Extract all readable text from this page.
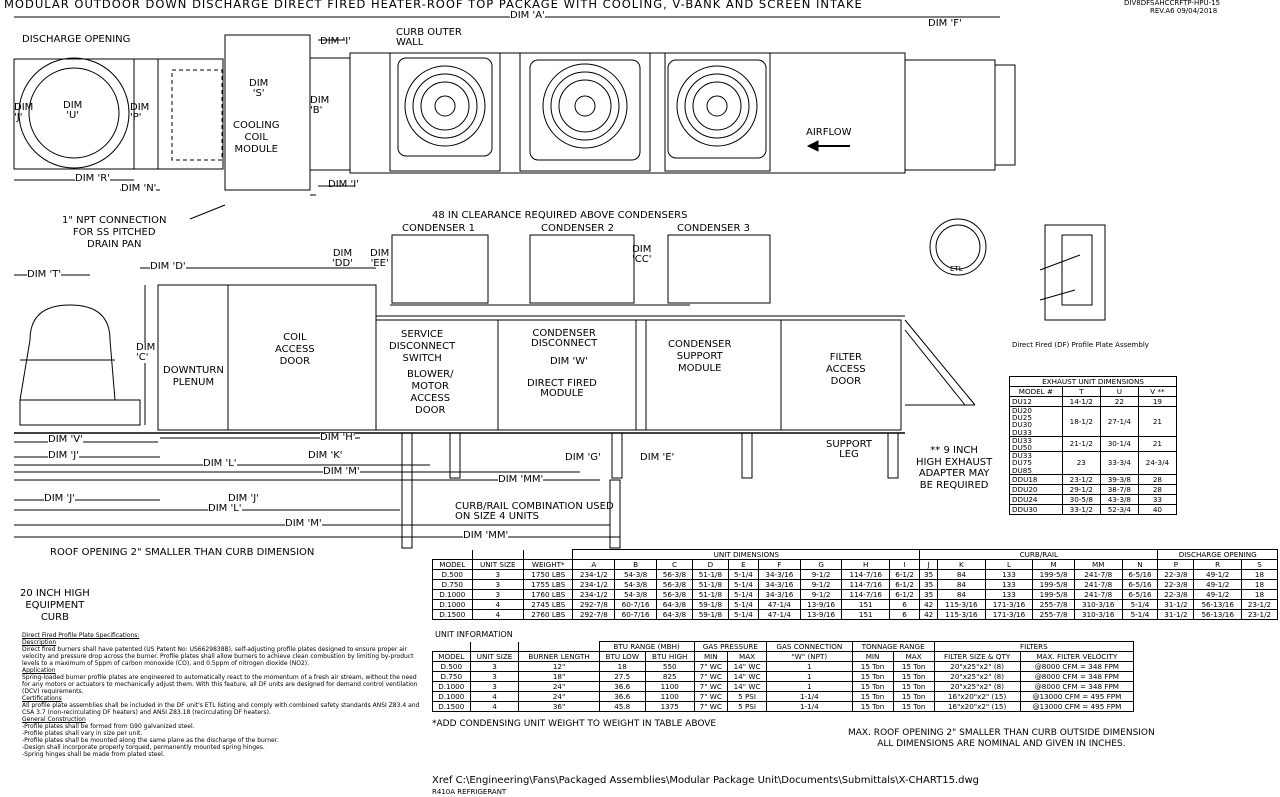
MODULAR OUTDOOR DOWN DISCHARGE DIRECT FIRED HEATER-ROOF TOP PACKAGE WITH COOLING, V-BANK AND SCREEN INTAKE	DIV8DFSAHCCRFTP-HPU-15
REV.A6 09/04/2018
DIM 'A'
DIM 'F'
DISCHARGE OPENING
DIM
'S'
DIM 'I'
CURB OUTER
WALL
DIM
'U'
DIM
'J'
DIM
'P'
DIM
'B'
COOLING
COIL
MODULE
AIRFLOW
DIM 'R'
DIM 'N'	DIM 'I'
1" NPT CONNECTION
FOR SS PITCHED
DRAIN PAN
48 IN CLEARANCE REQUIRED ABOVE CONDENSERS
CONDENSER 1	CONDENSER 2	CONDENSER 3
DIM 'T'
DIM 'D'
DIM
'DD'
DIM
'EE'
DIM
'CC'
DIM
'C'
DOWNTURN
PLENUM
COIL
ACCESS
DOOR
SERVICE
DISCONNECT
SWITCH
BLOWER/
MOTOR
ACCESS
DOOR
CONDENSER
DISCONNECT
DIM 'W'
DIRECT FIRED
MODULE
CONDENSER
SUPPORT
MODULE
FILTER
ACCESS
DOOR
DIM 'V'	DIM 'H'
DIM 'J'	DIM 'K'
DIM 'L'
DIM 'M'
DIM 'MM'
DIM 'G'	DIM 'E'
SUPPORT
LEG	** 9 INCH
HIGH EXHAUST
ADAPTER MAY
BE REQUIRED
DIM 'J'	DIM 'J'
DIM 'L'
DIM 'M'
DIM 'MM'
CURB/RAIL COMBINATION USED
ON SIZE 4 UNITS
ROOF OPENING 2" SMALLER THAN CURB DIMENSION
20 INCH HIGH
EQUIPMENT
CURB
Direct Fired (DF) Profile Plate Assembly
ETL
EXHAUST UNIT DIMENSIONS			
MODEL #	T	U	V **

DU12	14-1/2	22	19

DU20
DU25
DU30
DU33	18-1/2	27-1/4	21

DU33
DU50	21-1/2	30-1/4	21

DU33
DU75
DU85	23	33-3/4	24-3/4

DDU18	23-1/2	39-3/8	28

DDU20	29-1/2	38-7/8	28

DDU24	30-5/8	43-3/8	33

DDU30	33-1/2	52-3/4	40
			UNIT DIMENSIONS									CURB/RAIL						DISCHARGE OPENING		
MODEL	UNIT SIZE	WEIGHT*	A	B	C	D	E	F	G	H	I	J	K	L	M	MM	N	P	R	S
D.500	3	1750 LBS	234-1/2	54-3/8	56-3/8	51-1/8	5-1/4	34-3/16	9-1/2	114-7/16	6-1/2	35	84	133	199-5/8	241-7/8	6-5/16	22-3/8	49-1/2	18
D.750	3	1755 LBS	234-1/2	54-3/8	56-3/8	51-1/8	5-1/4	34-3/16	9-1/2	114-7/16	6-1/2	35	84	133	199-5/8	241-7/8	6-5/16	22-3/8	49-1/2	18
D.1000	3	1760 LBS	234-1/2	54-3/8	56-3/8	51-1/8	5-1/4	34-3/16	9-1/2	114-7/16	6-1/2	35	84	133	199-5/8	241-7/8	6-5/16	22-3/8	49-1/2	18
D.1000	4	2745 LBS	292-7/8	60-7/16	64-3/8	59-1/8	5-1/4	47-1/4	13-9/16	151	6	42	115-3/16	171-3/16	255-7/8	310-3/16	5-1/4	31-1/2	56-13/16	23-1/2
D.1500	4	2760 LBS	292-7/8	60-7/16	64-3/8	59-1/8	5-1/4	47-1/4	13-9/16	151	6	42	115-3/16	171-3/16	255-7/8	310-3/16	5-1/4	31-1/2	56-13/16	23-1/2
UNIT INFORMATION
			BTU RANGE (MBH)		GAS PRESSURE		GAS CONNECTION	TONNAGE RANGE		FILTERS	
MODEL	UNIT SIZE	BURNER LENGTH	BTU LOW	BTU HIGH	MIN	MAX	"W" (NPT)	MIN	MAX	FILTER SIZE & QTY	MAX. FILTER VELOCITY
D.500	3	12"	18	550	7" WC	14" WC	1	15 Ton	15 Ton	20"x25"x2" (8)	@8000 CFM = 348 FPM
D.750	3	18"	27.5	825	7" WC	14" WC	1	15 Ton	15 Ton	20"x25"x2" (8)	@8000 CFM = 348 FPM
D.1000	3	24"	36.6	1100	7" WC	14" WC	1	15 Ton	15 Ton	20"x25"x2" (8)	@8000 CFM = 348 FPM
D.1000	4	24"	36.6	1100	7" WC	5 PSI	1-1/4	15 Ton	15 Ton	16"x20"x2" (15)	@13000 CFM = 495 FPM
D.1500	4	36"	45.8	1375	7" WC	5 PSI	1-1/4	15 Ton	15 Ton	16"x20"x2" (15)	@13000 CFM = 495 FPM
*ADD CONDENSING UNIT WEIGHT TO WEIGHT IN TABLE ABOVE
MAX. ROOF OPENING 2" SMALLER THAN CURB OUTSIDE DIMENSION
ALL DIMENSIONS ARE NOMINAL AND GIVEN IN INCHES.
Xref C:\Engineering\Fans\Packaged Assemblies\Modular Package Unit\Documents\Submittals\X-CHART15.dwg
R410A REFRIGERANT
Direct Fired Profile Plate Specifications:
Description
Direct fired burners shall have patented (US Patent No: US6629838B), self-adjusting profile plates designed to ensure proper air velocity and pressure drop across the burner. Profile plates shall allow burners to achieve clean combustion by limiting by-product levels to a maximum of 5ppm of carbon monoxide (CO), and 0.5ppm of nitrogen dioxide (NO2).
Application
Spring-loaded burner profile plates are engineered to automatically react to the momentum of a fresh air stream, without the need for any motors or actuators to mechanically adjust them. With this feature, all DF units are designed for demand control ventilation (DCV) requirements.
Certifications
All profile plate assemblies shall be included in the DF unit's ETL listing and comply with combined safety standards ANSI Z83.4 and CSA 3.7 (non-recirculating DF heaters) and ANSI Z83.18 (recirculating DF heaters).
General Construction
-Profile plates shall be formed from G90 galvanized steel.
-Profile plates shall vary in size per unit.
-Profile plates shall be mounted along the same plane as the discharge of the burner.
-Design shall incorporate properly torqued, permanently mounted spring hinges.
-Spring hinges shall be made from plated steel.
